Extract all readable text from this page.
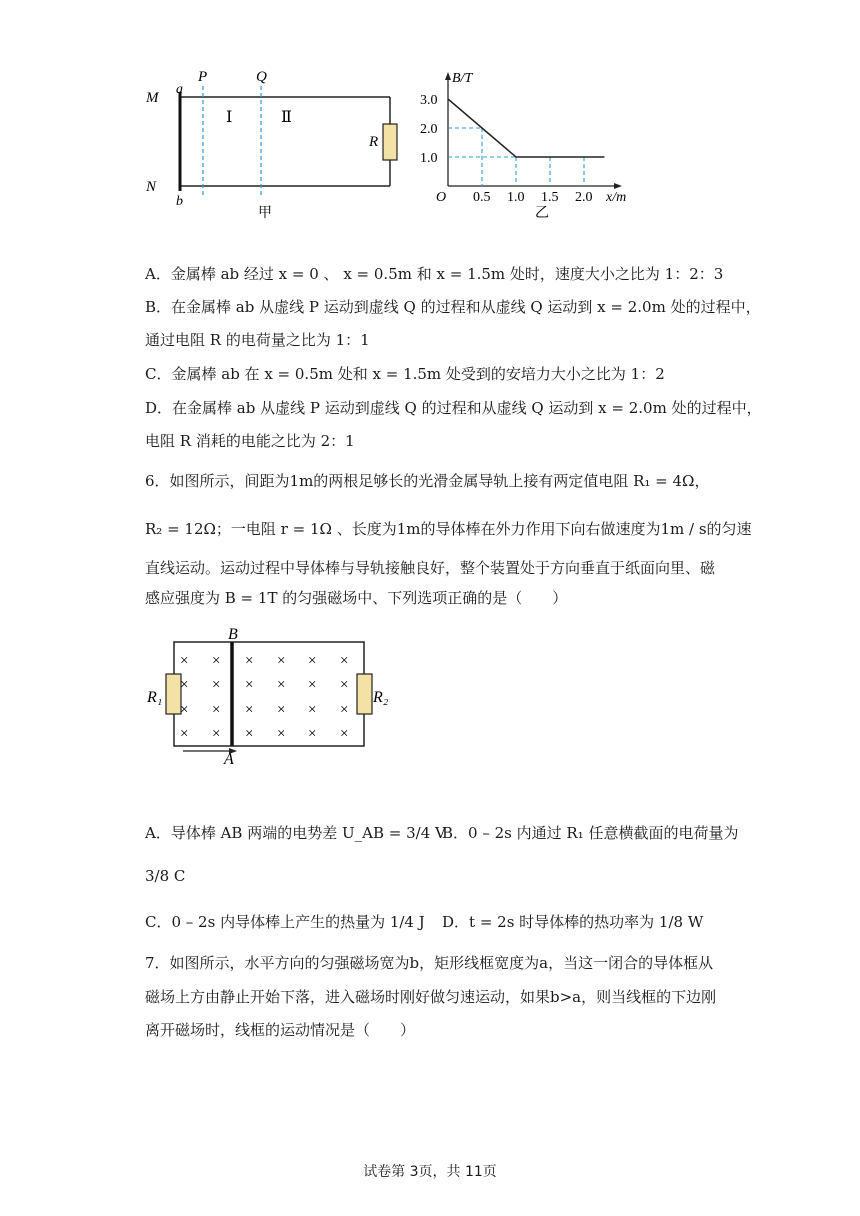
M
N
a
b
P	Q
Ⅰ	Ⅱ
R
甲
B/T
x/m
O 0.5 1.0 1.5 2.0
3.0
2.0
1.0
乙
A．金属棒 ab 经过 x = 0 、 x = 0.5m 和 x = 1.5m 处时，速度大小之比为 1：2：3
B．在金属棒 ab 从虚线 P 运动到虚线 Q 的过程和从虚线 Q 运动到 x = 2.0m 处的过程中，
通过电阻 R 的电荷量之比为 1：1
C．金属棒 ab 在 x = 0.5m 处和 x = 1.5m 处受到的安培力大小之比为 1：2
D．在金属棒 ab 从虚线 P 运动到虚线 Q 的过程和从虚线 Q 运动到 x = 2.0m 处的过程中，
电阻 R 消耗的电能之比为 2：1
6．如图所示，间距为1m的两根足够长的光滑金属导轨上接有两定值电阻 R₁ = 4Ω，
R₂ = 12Ω；一电阻 r = 1Ω 、长度为1m的导体棒在外力作用下向右做速度为1m / s的匀速
直线运动。运动过程中导体棒与导轨接触良好，整个装置处于方向垂直于纸面向里、磁
感应强度为 B = 1T 的匀强磁场中、下列选项正确的是（　　）
× × × × × ×
× × × × × ×
× × × × × ×
× × × × × ×
B
A
R₁	R₂
A．导体棒 AB 两端的电势差 U_AB = 3/4 V
B．0 – 2s 内通过 R₁ 任意横截面的电荷量为
3/8 C
C．0 – 2s 内导体棒上产生的热量为 1/4 J D．t = 2s 时导体棒的热功率为 1/8 W
7．如图所示，水平方向的匀强磁场宽为b，矩形线框宽度为a，当这一闭合的导体框从
磁场上方由静止开始下落，进入磁场时刚好做匀速运动，如果b>a，则当线框的下边刚
离开磁场时，线框的运动情况是（　　）
试卷第 3页，共 11页
